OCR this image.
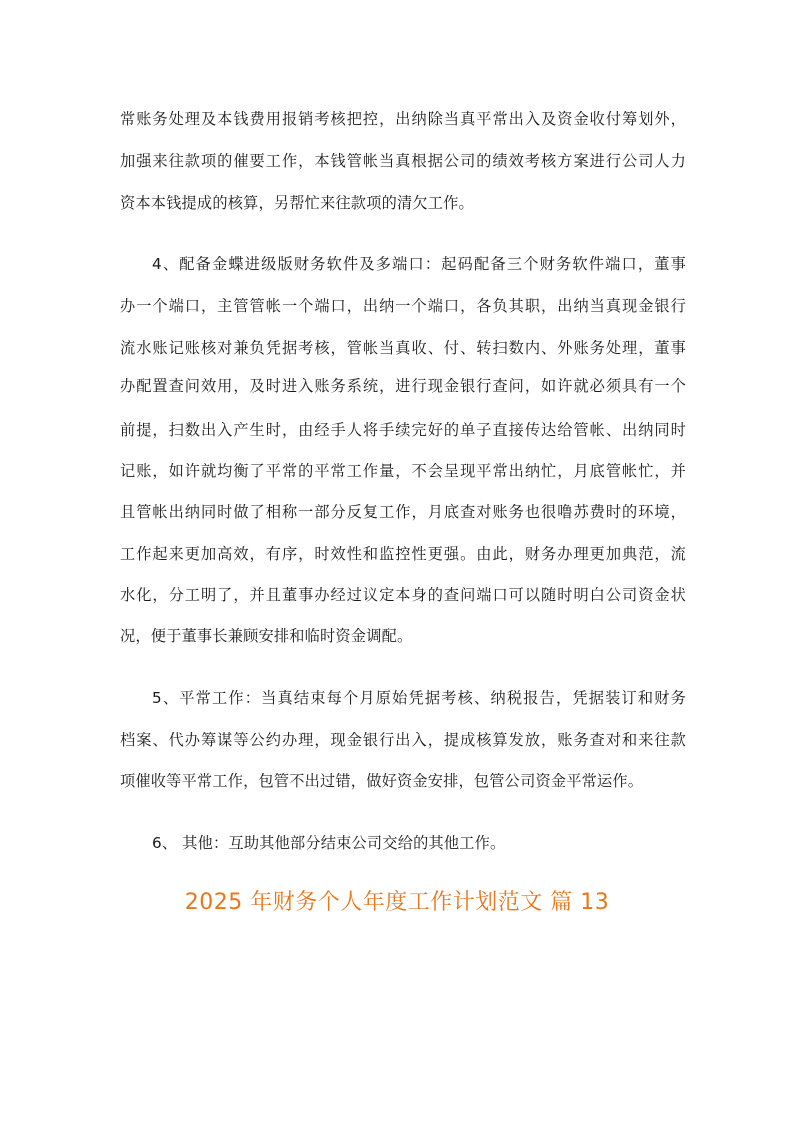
常账务处理及本钱费用报销考核把控，出纳除当真平常出入及资金收付筹划外，
加强来往款项的催要工作，本钱管帐当真根据公司的绩效考核方案进行公司人力
资本本钱提成的核算，另帮忙来往款项的清欠工作。
4、配备金蝶进级版财务软件及多端口：起码配备三个财务软件端口，董事
办一个端口，主管管帐一个端口，出纳一个端口，各负其职，出纳当真现金银行
流水账记账核对兼负凭据考核，管帐当真收、付、转扫数内、外账务处理，董事
办配置查问效用，及时进入账务系统，进行现金银行查问，如许就必须具有一个
前提，扫数出入产生时，由经手人将手续完好的单子直接传达给管帐、出纳同时
记账，如许就均衡了平常的平常工作量，不会呈现平常出纳忙，月底管帐忙，并
且管帐出纳同时做了相称一部分反复工作，月底查对账务也很噜苏费时的环境，
工作起来更加高效，有序，时效性和监控性更强。由此，财务办理更加典范，流
水化，分工明了，并且董事办经过议定本身的查问端口可以随时明白公司资金状
况，便于董事长兼顾安排和临时资金调配。
5、平常工作：当真结束每个月原始凭据考核、纳税报告，凭据装订和财务
档案、代办筹谋等公约办理，现金银行出入，提成核算发放，账务查对和来往款
项催收等平常工作，包管不出过错，做好资金安排，包管公司资金平常运作。
6、 其他：互助其他部分结束公司交给的其他工作。
2025 年财务个人年度工作计划范文 篇 13
